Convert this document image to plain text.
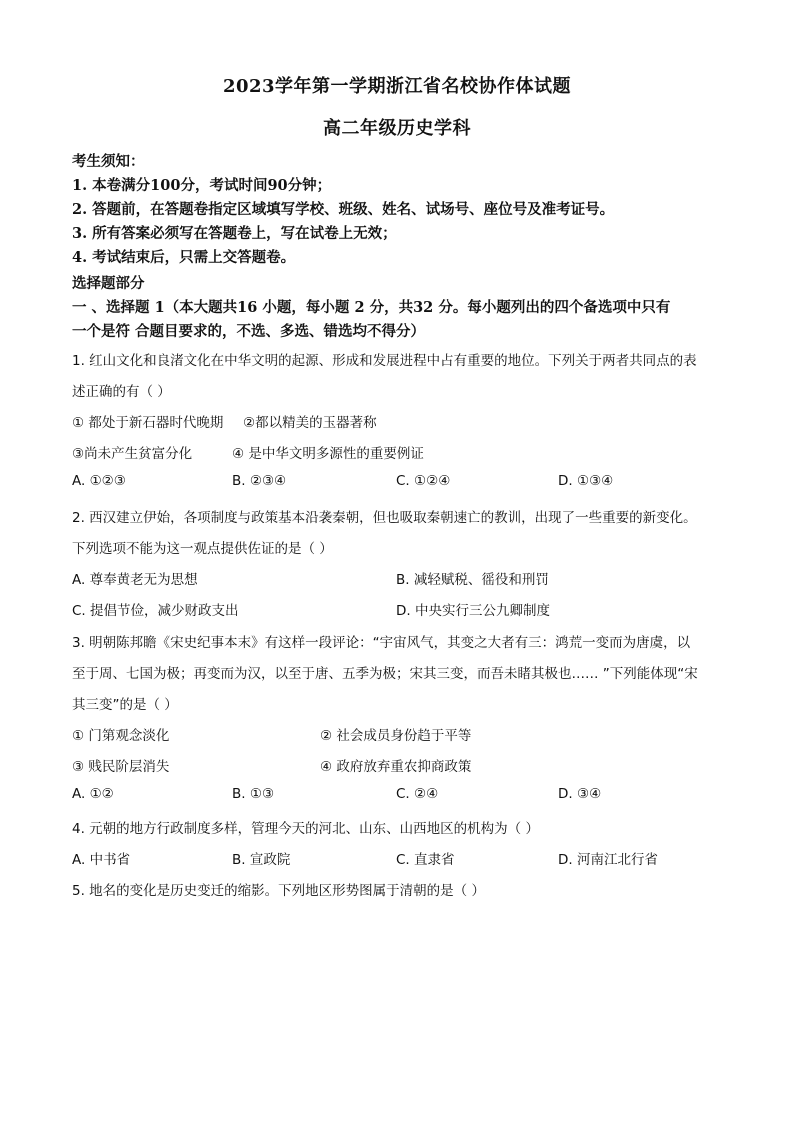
2023学年第一学期浙江省名校协作体试题
高二年级历史学科
考生须知：
1. 本卷满分100分，考试时间90分钟；
2. 答题前，在答题卷指定区域填写学校、班级、姓名、试场号、座位号及准考证号。
3. 所有答案必须写在答题卷上，写在试卷上无效；
4. 考试结束后，只需上交答题卷。
选择题部分
一 、选择题 1（本大题共16 小题，每小题 2 分，共32 分。每小题列出的四个备选项中只有
一个是符 合题目要求的，不选、多选、错选均不得分）
1. 红山文化和良渚文化在中华文明的起源、形成和发展进程中占有重要的地位。下列关于两者共同点的表
述正确的有（ ）
① 都处于新石器时代晚期 ②都以精美的玉器著称
③尚未产生贫富分化	④ 是中华文明多源性的重要例证
A. ①②③	B. ②③④	C. ①②④	D. ①③④
2. 西汉建立伊始，各项制度与政策基本沿袭秦朝，但也吸取秦朝速亡的教训，出现了一些重要的新变化。
下列选项不能为这一观点提供佐证的是（ ）
A. 尊奉黄老无为思想	B. 减轻赋税、徭役和刑罚
C. 提倡节俭，减少财政支出	D. 中央实行三公九卿制度
3. 明朝陈邦瞻《宋史纪事本末》有这样一段评论：“宇宙风气，其变之大者有三：鸿荒一变而为唐虞，以
至于周、七国为极；再变而为汉，以至于唐、五季为极；宋其三变，而吾未睹其极也…… ”下列能体现“宋
其三变”的是（ ）
① 门第观念淡化	② 社会成员身份趋于平等
③ 贱民阶层消失	④ 政府放弃重农抑商政策
A. ①②	B. ①③	C. ②④	D. ③④
4. 元朝的地方行政制度多样，管理今天的河北、山东、山西地区的机构为（ ）
A. 中书省	B. 宣政院	C. 直隶省	D. 河南江北行省
5. 地名的变化是历史变迁的缩影。下列地区形势图属于清朝的是（ ）
